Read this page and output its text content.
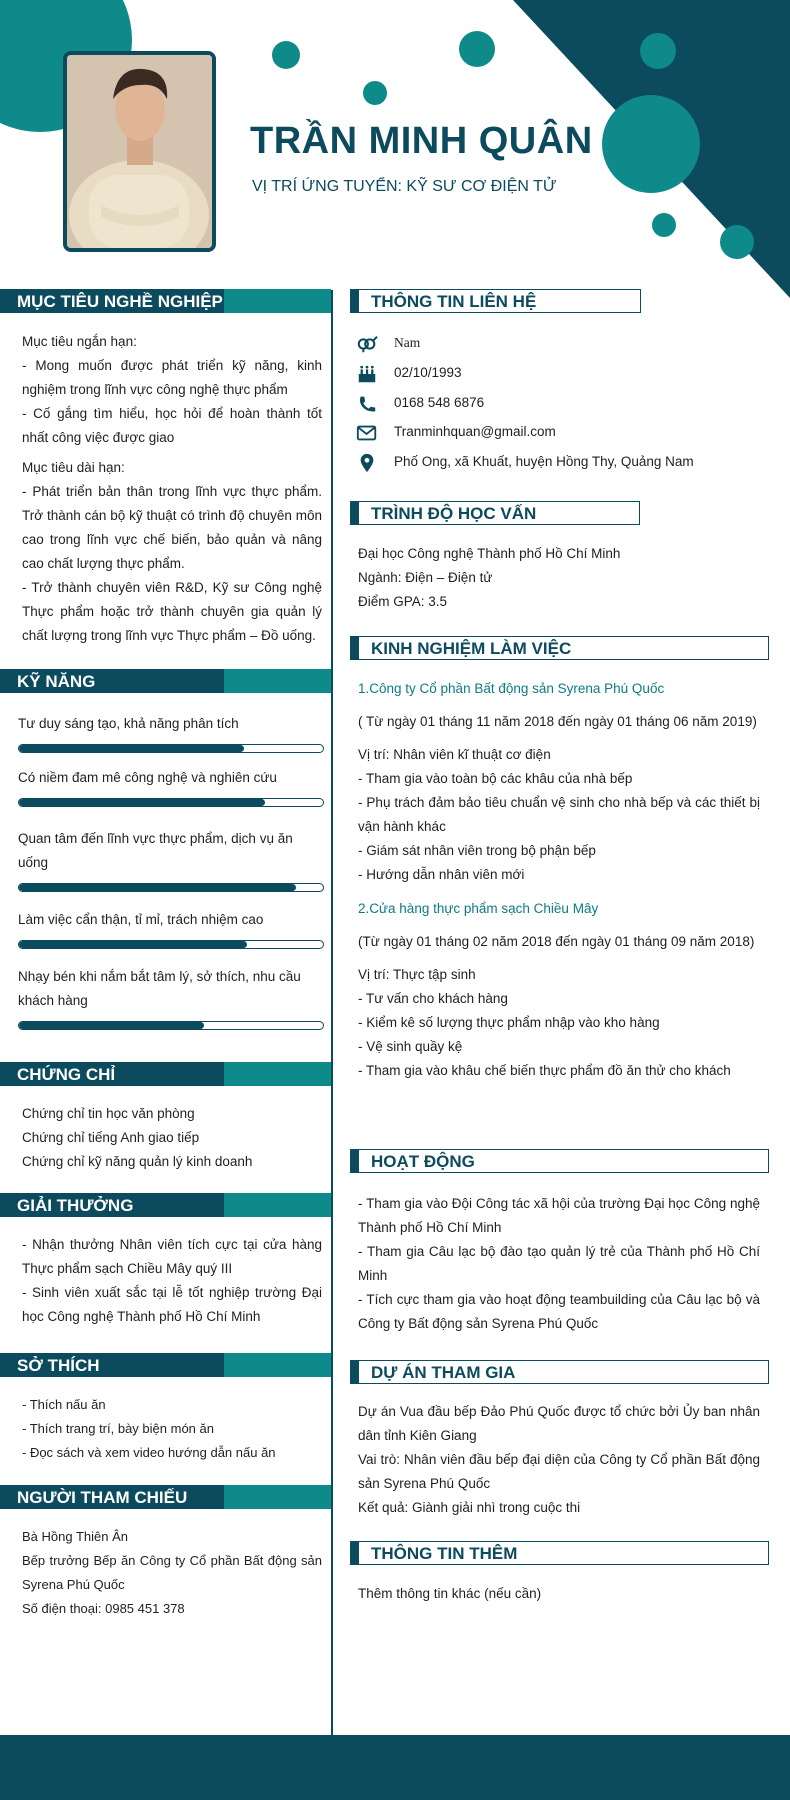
TRẦN MINH QUÂN
VỊ TRÍ ỨNG TUYỂN: KỸ SƯ CƠ ĐIỆN TỬ
MỤC TIÊU NGHỀ NGHIỆP

Mục tiêu ngắn hạn:

- Mong muốn được phát triển kỹ năng, kinh nghiệm trong lĩnh vực công nghệ thực phẩm

- Cố gắng tìm hiểu, học hỏi để hoàn thành tốt nhất công việc được giao

Mục tiêu dài hạn:

- Phát triển bản thân trong lĩnh vực thực phẩm. Trở thành cán bộ kỹ thuật có trình độ chuyên môn cao trong lĩnh vực chế biến, bảo quản và nâng cao chất lượng thực phẩm.

- Trở thành chuyên viên R&D, Kỹ sư Công nghệ Thực phẩm hoặc trở thành chuyên gia quản lý chất lượng trong lĩnh vực Thực phẩm – Đồ uống.

KỸ NĂNG
Tư duy sáng tạo, khả năng phân tích
Có niềm đam mê công nghệ và nghiên cứu
Quan tâm đến lĩnh vực thực phẩm, dịch vụ ăn uống
Làm việc cẩn thận, tỉ mỉ, trách nhiệm cao
Nhạy bén khi nắm bắt tâm lý, sở thích, nhu cầu khách hàng
CHỨNG CHỈ

Chứng chỉ tin học văn phòng

Chứng chỉ tiếng Anh giao tiếp

Chứng chỉ kỹ năng quản lý kinh doanh

GIẢI THƯỞNG

- Nhận thưởng Nhân viên tích cực tại cửa hàng Thực phẩm sạch Chiều Mây quý III

- Sinh viên xuất sắc tại lễ tốt nghiệp trường Đại học Công nghệ Thành phố Hồ Chí Minh

SỞ THÍCH

- Thích nấu ăn

- Thích trang trí, bày biện món ăn

- Đọc sách và xem video hướng dẫn nấu ăn

NGƯỜI THAM CHIẾU

Bà Hồng Thiên Ân

Bếp trưởng Bếp ăn Công ty Cổ phần Bất động sản Syrena Phú Quốc

Số điện thoại: 0985 451 378

THÔNG TIN LIÊN HỆ
Nam
02/10/1993
0168 548 6876
Tranminhquan@gmail.com
Phố Ong, xã Khuất, huyện Hồng Thy, Quảng Nam
TRÌNH ĐỘ HỌC VẤN

Đại học Công nghệ Thành phố Hồ Chí Minh

Ngành: Điện – Điện tử

Điểm GPA: 3.5

KINH NGHIỆM LÀM VIỆC

1.Công ty Cổ phần Bất động sản Syrena Phú Quốc

( Từ ngày 01 tháng 11 năm 2018 đến ngày 01 tháng 06 năm 2019)

Vị trí: Nhân viên kĩ thuật cơ điện

- Tham gia vào toàn bộ các khâu của nhà bếp

- Phụ trách đảm bảo tiêu chuẩn vệ sinh cho nhà bếp và các thiết bị vận hành khác

- Giám sát nhân viên trong bộ phận bếp

- Hướng dẫn nhân viên mới

2.Cửa hàng thực phẩm sạch Chiều Mây

(Từ ngày 01 tháng 02 năm 2018 đến ngày 01 tháng 09 năm 2018)

Vị trí: Thực tập sinh

- Tư vấn cho khách hàng

- Kiểm kê số lượng thực phẩm nhập vào kho hàng

- Vệ sinh quầy kệ

- Tham gia vào khâu chế biến thực phẩm đồ ăn thử cho khách

HOẠT ĐỘNG

- Tham gia vào Đội Công tác xã hội của trường Đại học Công nghệ Thành phố Hồ Chí Minh

- Tham gia Câu lạc bộ đào tạo quản lý trẻ của Thành phố Hồ Chí Minh

- Tích cực tham gia vào hoạt động teambuilding của Câu lạc bộ và Công ty Bất động sản Syrena Phú Quốc

DỰ ÁN THAM GIA

Dự án Vua đầu bếp Đảo Phú Quốc được tổ chức bởi Ủy ban nhân dân tỉnh Kiên Giang

Vai trò: Nhân viên đầu bếp đại diện của Công ty Cổ phần Bất động sản Syrena Phú Quốc

Kết quả: Giành giải nhì trong cuộc thi

THÔNG TIN THÊM

Thêm thông tin khác (nếu cần)
